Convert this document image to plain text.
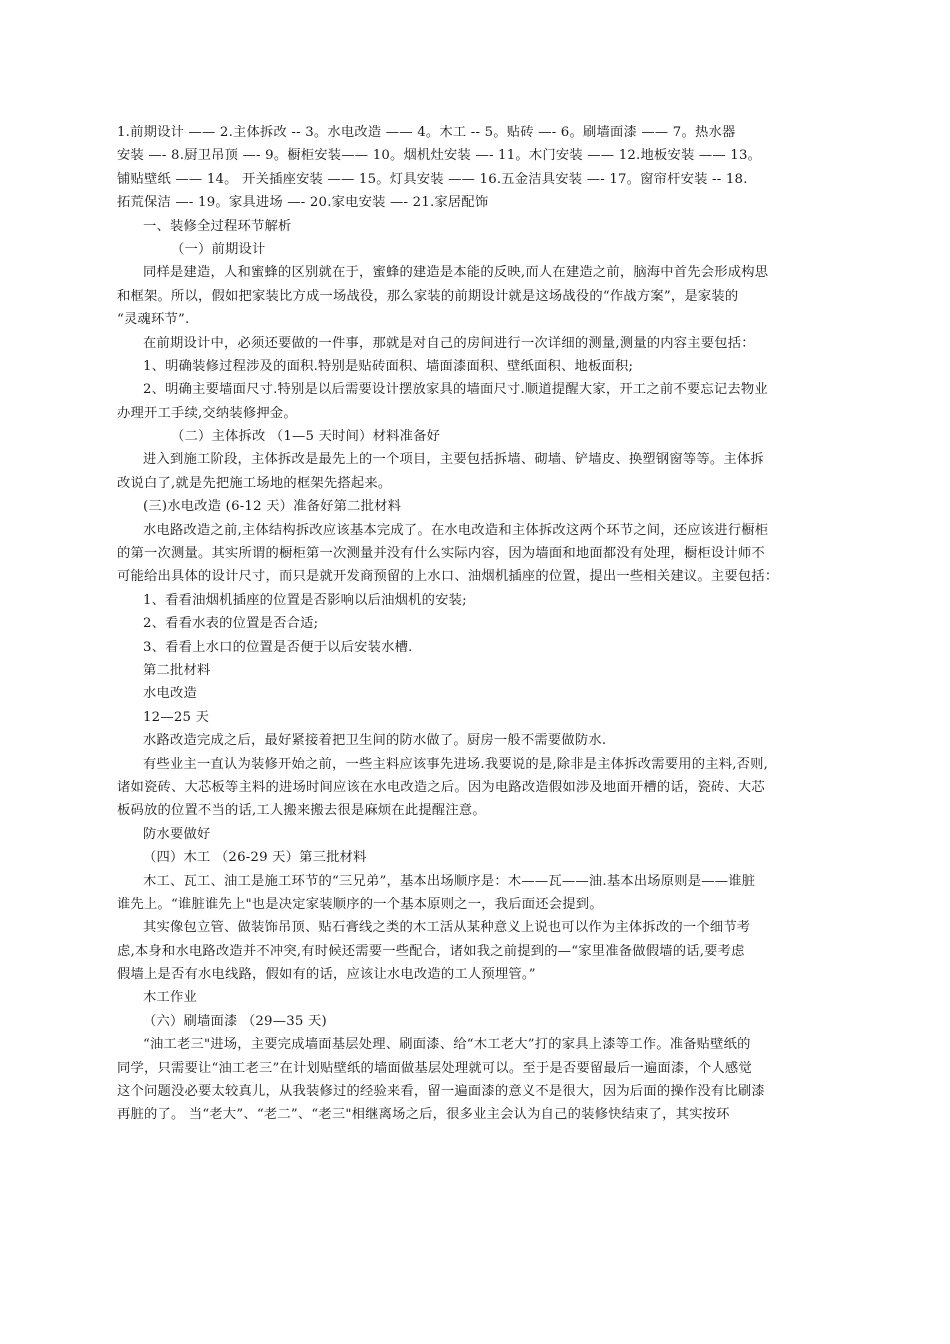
1.前期设计 —— 2.主体拆改 -- 3。水电改造 —— 4。木工 -- 5。贴砖 —- 6。刷墙面漆 —— 7。热水器
安装 —- 8.厨卫吊顶 —- 9。橱柜安装—— 10。烟机灶安装 —- 11。木门安装 —— 12.地板安装 —— 13。
铺贴壁纸 —— 14。 开关插座安装 —— 15。灯具安装 —— 16.五金洁具安装 —- 17。窗帘杆安装 -- 18.
拓荒保洁 —- 19。家具进场 —- 20.家电安装 —- 21.家居配饰
一、装修全过程环节解析
（一）前期设计
同样是建造，人和蜜蜂的区别就在于，蜜蜂的建造是本能的反映,而人在建造之前，脑海中首先会形成构思
和框架。所以，假如把家装比方成一场战役，那么家装的前期设计就是这场战役的“作战方案”，是家装的
“灵魂环节”.
在前期设计中，必须还要做的一件事，那就是对自己的房间进行一次详细的测量,测量的内容主要包括：
1、明确装修过程涉及的面积.特别是贴砖面积、墙面漆面积、壁纸面积、地板面积;
2、明确主要墙面尺寸.特别是以后需要设计摆放家具的墙面尺寸.顺道提醒大家，开工之前不要忘记去物业
办理开工手续,交纳装修押金。
（二）主体拆改 （1—5 天时间）材料准备好
进入到施工阶段，主体拆改是最先上的一个项目，主要包括拆墙、砌墙、铲墙皮、换塑钢窗等等。主体拆
改说白了,就是先把施工场地的框架先搭起来。
(三)水电改造 (6-12 天）准备好第二批材料
水电路改造之前,主体结构拆改应该基本完成了。在水电改造和主体拆改这两个环节之间，还应该进行橱柜
的第一次测量。其实所谓的橱柜第一次测量并没有什么实际内容，因为墙面和地面都没有处理，橱柜设计师不
可能给出具体的设计尺寸，而只是就开发商预留的上水口、油烟机插座的位置，提出一些相关建议。主要包括：
1、看看油烟机插座的位置是否影响以后油烟机的安装;
2、看看水表的位置是否合适;
3、看看上水口的位置是否便于以后安装水槽.
第二批材料
水电改造
12—25 天
水路改造完成之后，最好紧接着把卫生间的防水做了。厨房一般不需要做防水.
有些业主一直认为装修开始之前，一些主料应该事先进场.我要说的是,除非是主体拆改需要用的主料,否则,
诸如瓷砖、大芯板等主料的进场时间应该在水电改造之后。因为电路改造假如涉及地面开槽的话，瓷砖、大芯
板码放的位置不当的话,工人搬来搬去很是麻烦在此提醒注意。
防水要做好
（四）木工 （26-29 天）第三批材料
木工、瓦工、油工是施工环节的“三兄弟”，基本出场顺序是：木——瓦——油.基本出场原则是——谁脏
谁先上。“谁脏谁先上"也是决定家装顺序的一个基本原则之一，我后面还会提到。
其实像包立管、做装饰吊顶、贴石膏线之类的木工活从某种意义上说也可以作为主体拆改的一个细节考
虑,本身和水电路改造并不冲突,有时候还需要一些配合，诸如我之前提到的—“家里准备做假墙的话,要考虑
假墙上是否有水电线路，假如有的话，应该让水电改造的工人预埋管。”
木工作业
（六）刷墙面漆 （29—35 天)
“油工老三"进场，主要完成墙面基层处理、刷面漆、给“木工老大”打的家具上漆等工作。准备贴壁纸的
同学，只需要让“油工老三”在计划贴壁纸的墙面做基层处理就可以。至于是否要留最后一遍面漆，个人感觉
这个问题没必要太较真儿，从我装修过的经验来看，留一遍面漆的意义不是很大，因为后面的操作没有比刷漆
再脏的了。 当“老大”、“老二”、“老三"相继离场之后，很多业主会认为自己的装修快结束了，其实按环
